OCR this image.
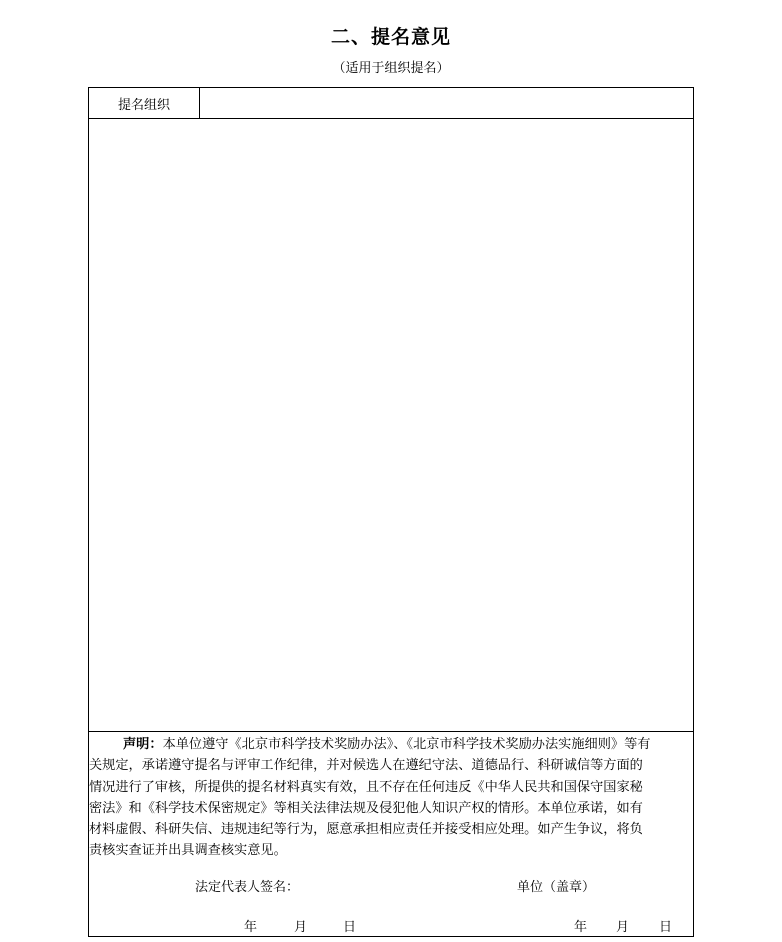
二、提名意见
（适用于组织提名）
提名组织
声明：本单位遵守《北京市科学技术奖励办法》、《北京市科学技术奖励办法实施细则》等有
关规定，承诺遵守提名与评审工作纪律，并对候选人在遵纪守法、道德品行、科研诚信等方面的
情况进行了审核，所提供的提名材料真实有效，且不存在任何违反《中华人民共和国保守国家秘
密法》和《科学技术保密规定》等相关法律法规及侵犯他人知识产权的情形。本单位承诺，如有
材料虚假、科研失信、违规违纪等行为，愿意承担相应责任并接受相应处理。如产生争议，将负
责核实查证并出具调查核实意见。
法定代表人签名：	单位（盖章）
年	月	日	年 月 日
